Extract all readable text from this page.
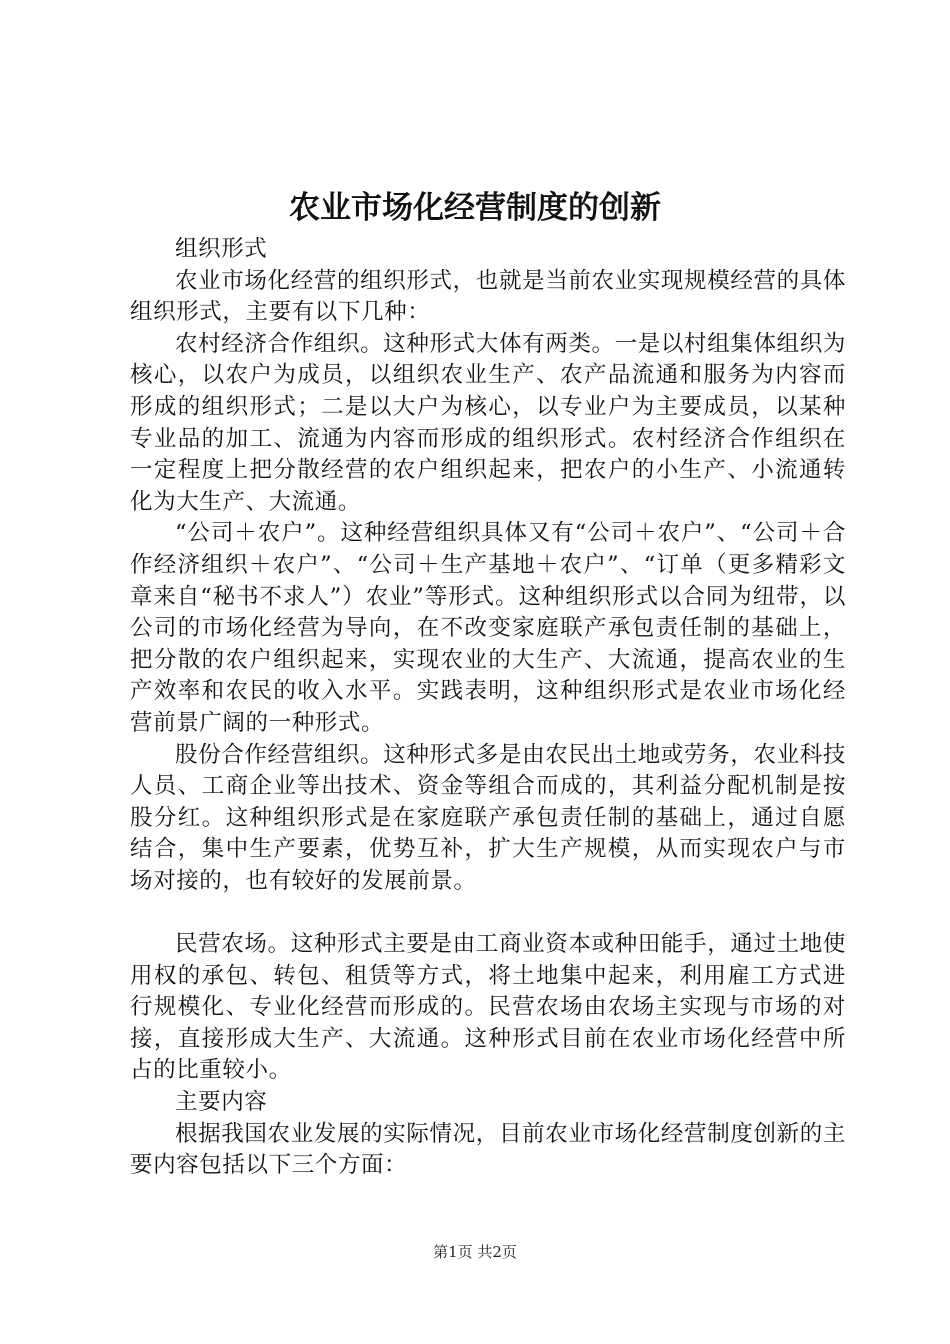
农业市场化经营制度的创新

组织形式

农业市场化经营的组织形式，也就是当前农业实现规模经营的具体组织形式，主要有以下几种：

农村经济合作组织。这种形式大体有两类。一是以村组集体组织为核心，以农户为成员，以组织农业生产、农产品流通和服务为内容而形成的组织形式；二是以大户为核心，以专业户为主要成员，以某种专业品的加工、流通为内容而形成的组织形式。农村经济合作组织在一定程度上把分散经营的农户组织起来，把农户的小生产、小流通转化为大生产、大流通。

“公司＋农户”。这种经营组织具体又有“公司＋农户”、“公司＋合作经济组织＋农户”、“公司＋生产基地＋农户”、“订单（更多精彩文章来自“秘书不求人”）农业”等形式。这种组织形式以合同为纽带，以公司的市场化经营为导向，在不改变家庭联产承包责任制的基础上，把分散的农户组织起来，实现农业的大生产、大流通，提高农业的生产效率和农民的收入水平。实践表明，这种组织形式是农业市场化经营前景广阔的一种形式。

股份合作经营组织。这种形式多是由农民出土地或劳务，农业科技人员、工商企业等出技术、资金等组合而成的，其利益分配机制是按股分红。这种组织形式是在家庭联产承包责任制的基础上，通过自愿结合，集中生产要素，优势互补，扩大生产规模，从而实现农户与市场对接的，也有较好的发展前景。

民营农场。这种形式主要是由工商业资本或种田能手，通过土地使用权的承包、转包、租赁等方式，将土地集中起来，利用雇工方式进行规模化、专业化经营而形成的。民营农场由农场主实现与市场的对接，直接形成大生产、大流通。这种形式目前在农业市场化经营中所占的比重较小。

主要内容

根据我国农业发展的实际情况，目前农业市场化经营制度创新的主要内容包括以下三个方面：

第1页 共2页
